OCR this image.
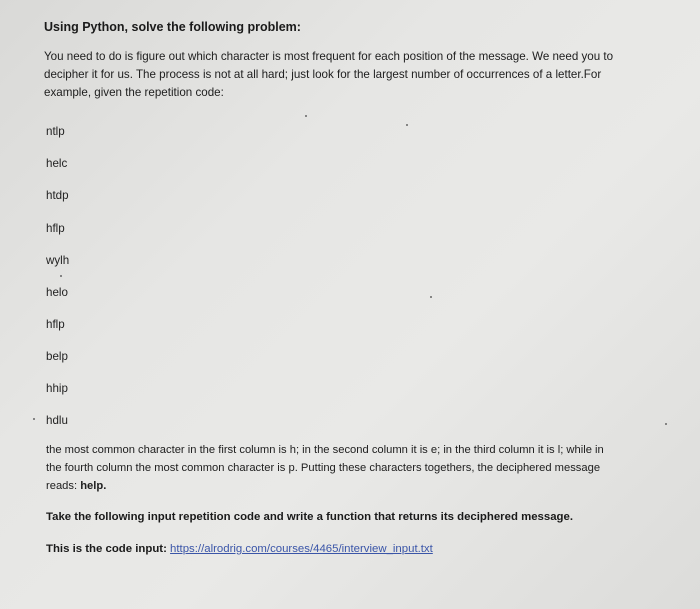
Using Python, solve the following problem:
You need to do is figure out which character is most frequent for each position of the message. We need you to
decipher it for us. The process is not at all hard; just look for the largest number of occurrences of a letter.For
example, given the repetition code:
ntlp
helc
htdp
hflp
wylh
helo
hflp
belp
hhip
hdlu
the most common character in the first column is h; in the second column it is e; in the third column it is l; while in
the fourth column the most common character is p. Putting these characters togethers, the deciphered message
reads: help.
Take the following input repetition code and write a function that returns its deciphered message.
This is the code input: https://alrodrig.com/courses/4465/interview_input.txt
